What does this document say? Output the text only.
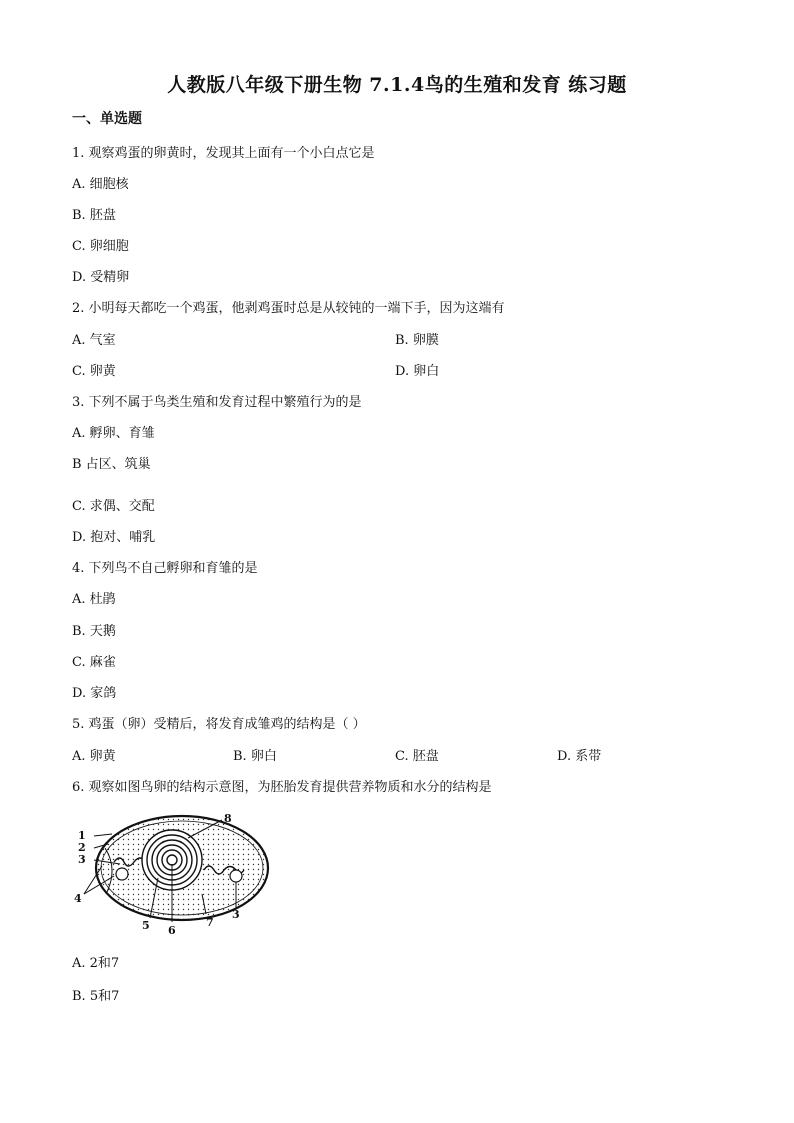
人教版八年级下册生物 7.1.4鸟的生殖和发育 练习题
一、单选题
1. 观察鸡蛋的卵黄时，发现其上面有一个小白点它是
A. 细胞核
B. 胚盘
C. 卵细胞
D. 受精卵
2. 小明每天都吃一个鸡蛋，他剥鸡蛋时总是从较钝的一端下手，因为这端有
A. 气室	B. 卵膜
C. 卵黄	D. 卵白
3. 下列不属于鸟类生殖和发育过程中繁殖行为的是
A. 孵卵、育雏
B 占区、筑巢
C. 求偶、交配
D. 抱对、哺乳
4. 下列鸟不自己孵卵和育雏的是
A. 杜鹃
B. 天鹅
C. 麻雀
D. 家鸽
5. 鸡蛋（卵）受精后，将发育成雏鸡的结构是（ ）
A. 卵黄	B. 卵白	C. 胚盘	D. 系带
6. 观察如图鸟卵的结构示意图，为胚胎发育提供营养物质和水分的结构是
1
2
3
4
5 6
7
8
3
A. 2和7
B. 5和7
